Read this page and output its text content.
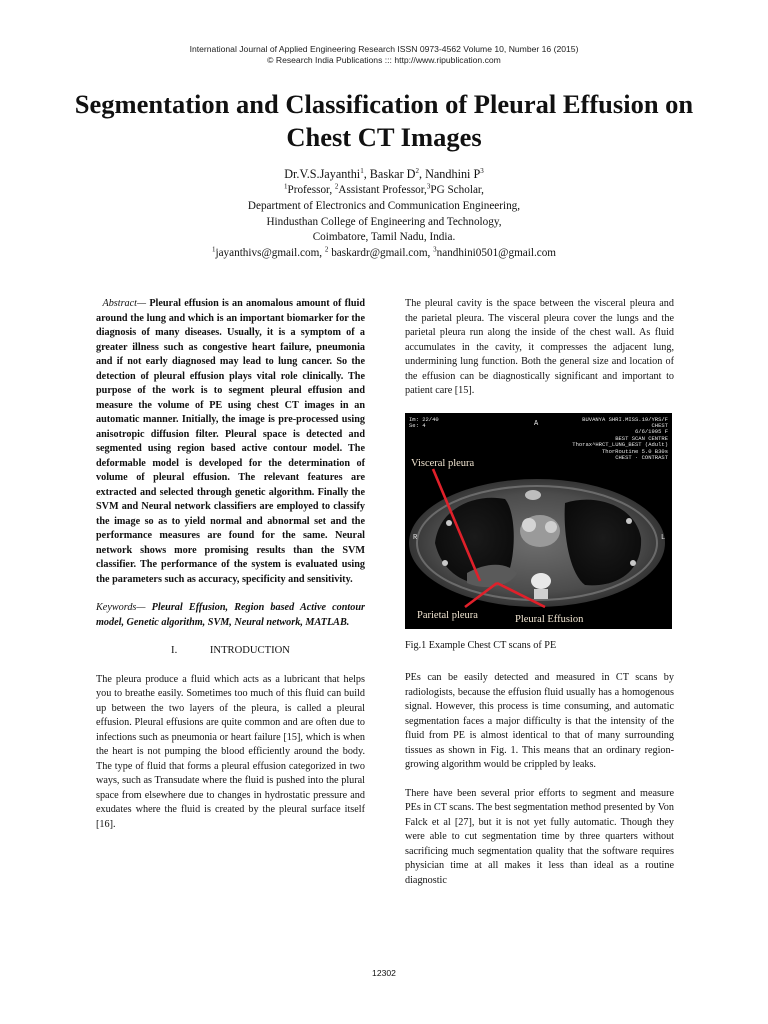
International Journal of Applied Engineering Research ISSN 0973-4562 Volume 10, Number 16 (2015)
© Research India Publications ::: http://www.ripublication.com
Segmentation and Classification of Pleural Effusion on Chest CT Images
Dr.V.S.Jayanthi$^1$, Baskar $D^2$, Nandhini $P^3$
$^1$Professor, $^2$Assistant Professor,$^3$PG Scholar,
Department of Electronics and Communication Engineering,
Hindusthan College of Engineering and Technology,
Coimbatore, Tamil Nadu, India.
$^1$jayanthivs@gmail.com, $^2$ baskardr@gmail.com, $^3$nandhini0501@gmail.com

Abstract— Pleural effusion is an anomalous amount of fluid around the lung and which is an important biomarker for the diagnosis of many diseases. Usually, it is a symptom of a greater illness such as congestive heart failure, pneumonia and if not early diagnosed may lead to lung cancer. So the detection of pleural effusion plays vital role clinically. The purpose of the work is to segment pleural effusion and measure the volume of PE using chest CT images in an automatic manner. Initially, the image is pre-processed using anisotropic diffusion filter. Pleural space is detected and segmented using region based active contour model. The deformable model is developed for the determination of volume of pleural effusion. The relevant features are extracted and selected through genetic algorithm. Finally the SVM and Neural network classifiers are employed to classify the image so as to yield normal and abnormal set and the performance measures are found for the same. Neural network shows more promising results than the SVM classifier. The performance of the system is evaluated using the parameters such as accuracy, specificity and sensitivity.

Keywords— Pleural Effusion, Region based Active contour model, Genetic algorithm, SVM, Neural network, MATLAB.

I.	INTRODUCTION

The pleura produce a fluid which acts as a lubricant that helps you to breathe easily. Sometimes too much of this fluid can build up between the two layers of the pleura, is called a pleural effusion. Pleural effusions are quite common and are often due to infections such as pneumonia or heart failure [15], which is when the heart is not pumping the blood efficiently around the body. The type of fluid that forms a pleural effusion categorized in two ways, such as Transudate where the fluid is pushed into the plural space from elsewhere due to changes in hydrostatic pressure and exudates where the fluid is created by the pleural surface itself [16].

The pleural cavity is the space between the visceral pleura and the parietal pleura. The visceral pleura cover the lungs and the parietal pleura run along the inside of the chest wall. As fluid accumulates in the cavity, it compresses the adjacent lung, undermining lung function. Both the general size and location of the effusion can be diagnostically significant and important to patient care [15].

Im: 22/40
Se: 4
BUVANYA SHRI.MISS.19/YRS/F
CHEST
6/6/1995 F
BEST SCAN CENTRE
Thorax^HRCT_LUNG_BEST (Adult)
ThorRoutine 5.0 B30s
CHEST · CONTRAST
A
R	L
Visceral pleura
Parietal pleura	Pleural Effusion

Fig.1 Example Chest CT scans of PE

PEs can be easily detected and measured in CT scans by radiologists, because the effusion fluid usually has a homogenous signal. However, this process is time consuming, and automatic segmentation faces a major difficulty is that the intensity of the fluid from PE is almost identical to that of many surrounding tissues as shown in Fig. 1. This means that an ordinary region-growing algorithm would be crippled by leaks.

There have been several prior efforts to segment and measure PEs in CT scans. The best segmentation method presented by Von Falck et al [27], but it is not yet fully automatic. Though they were able to cut segmentation time by three quarters without sacrificing much segmentation quality that the software requires physician time at all makes it less than ideal as a routine diagnostic

12302
